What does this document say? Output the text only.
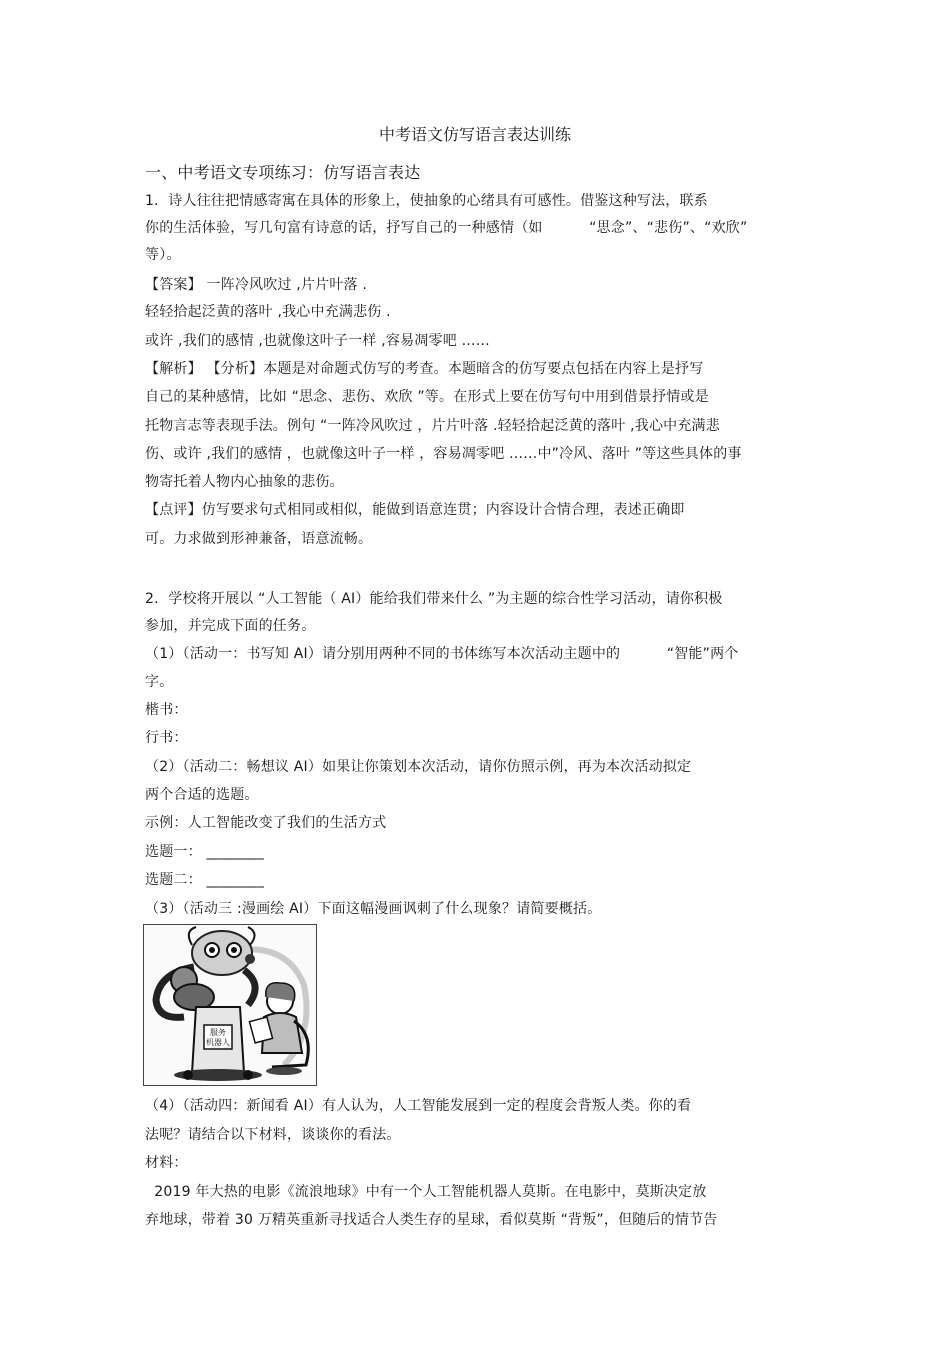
中考语文仿写语言表达训练
一、中考语文专项练习：仿写语言表达
1．诗人往往把情感寄寓在具体的形象上，使抽象的心绪具有可感性。借鉴这种写法，联系
你的生活体验，写几句富有诗意的话，抒写自己的一种感情（如          “思念”、“悲伤”、“欢欣”
等）。
【答案】 一阵冷风吹过 ,片片叶落 .
轻轻拾起泛黄的落叶 ,我心中充满悲伤 .
或许 ,我们的感情 ,也就像这叶子一样 ,容易凋零吧 ……
【解析】 【分析】本题是对命题式仿写的考查。本题暗含的仿写要点包括在内容上是抒写
自己的某种感情，比如 “思念、悲伤、欢欣 ”等。在形式上要在仿写句中用到借景抒情或是
托物言志等表现手法。例句 “一阵冷风吹过 ，片片叶落 .轻轻拾起泛黄的落叶 ,我心中充满悲
伤、或许 ,我们的感情 ，也就像这叶子一样 ，容易凋零吧 ……中”冷风、落叶 ”等这些具体的事
物寄托着人物内心抽象的悲伤。
【点评】仿写要求句式相同或相似，能做到语意连贯；内容设计合情合理，表述正确即
可。力求做到形神兼备，语意流畅。
2．学校将开展以 “人工智能（ AI）能给我们带来什么 ”为主题的综合性学习活动，请你积极
参加，并完成下面的任务。
（1）（活动一：书写知 AI）请分别用两种不同的书体练写本次活动主题中的          “智能”两个
字。
楷书：
行书：
（2）（活动二：畅想议 AI）如果让你策划本次活动，请你仿照示例，再为本次活动拟定
两个合适的选题。
示例：人工智能改变了我们的生活方式
选题一： ________
选题二： ________
（3）（活动三 :漫画绘 AI）下面这幅漫画讽刺了什么现象？请简要概括。
服务
机器人
（4）（活动四：新闻看 AI）有人认为，人工智能发展到一定的程度会背叛人类。你的看
法呢？请结合以下材料，谈谈你的看法。
材料：
2019 年大热的电影《流浪地球》中有一个人工智能机器人莫斯。在电影中，莫斯决定放
弃地球，带着 30 万精英重新寻找适合人类生存的星球，看似莫斯 “背叛”，但随后的情节告
